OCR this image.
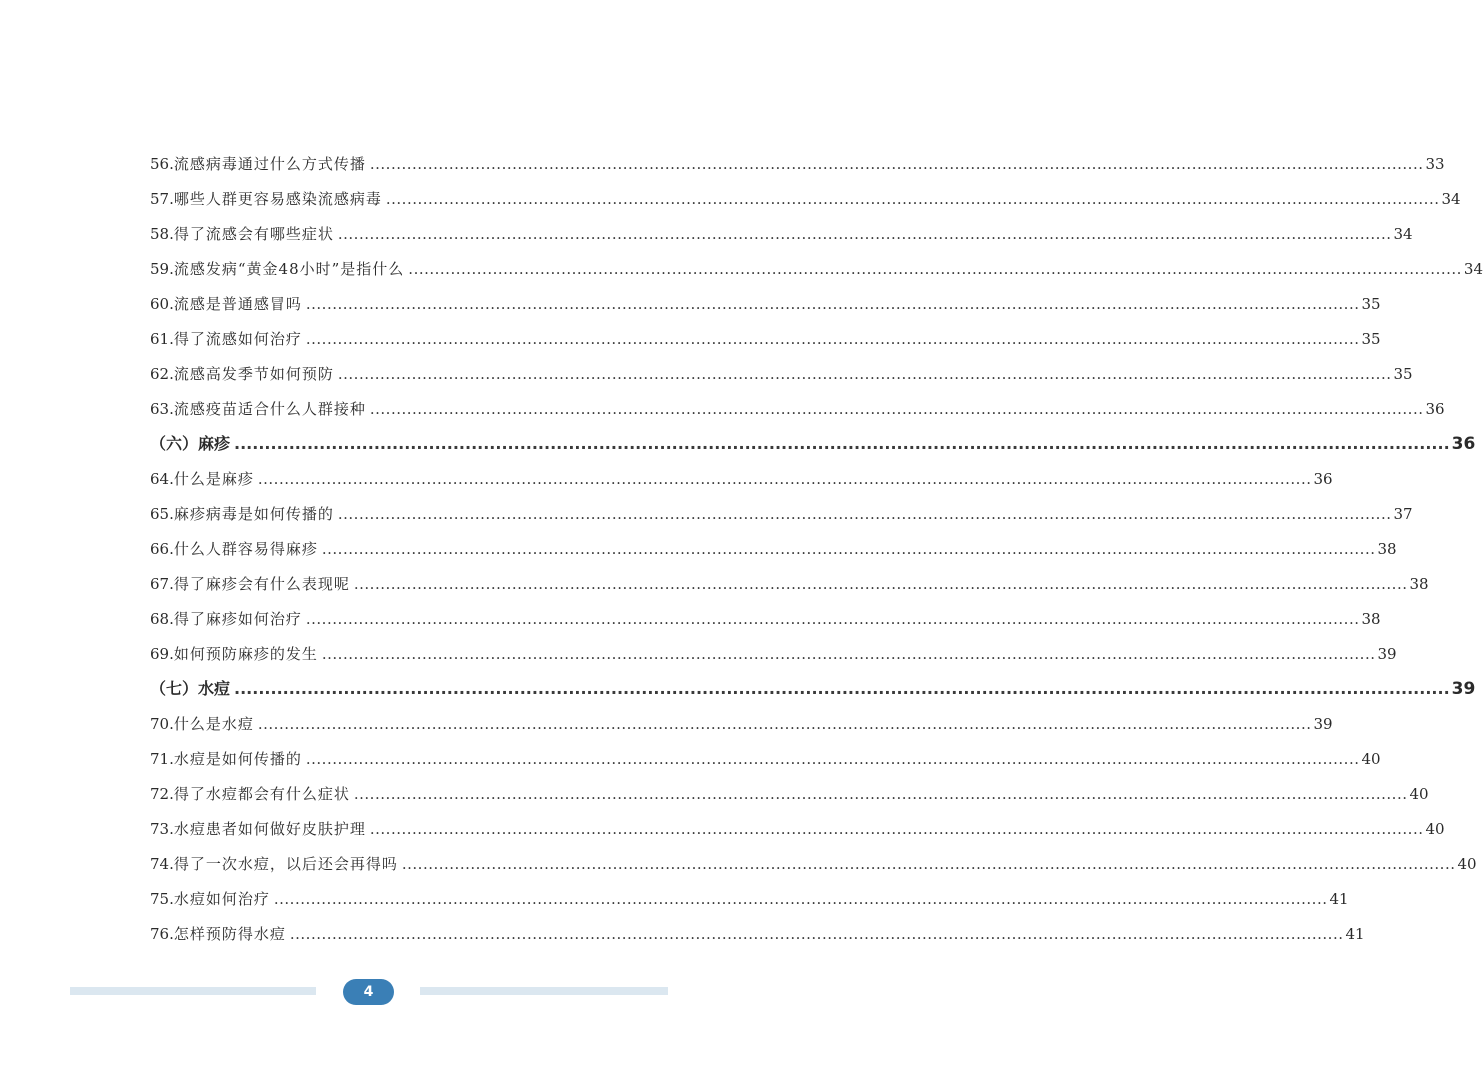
56. 流感病毒通过什么方式传播 ........................................................................................................................................................................................................ 33
57. 哪些人群更容易感染流感病毒 ........................................................................................................................................................................................................ 34
58. 得了流感会有哪些症状 ........................................................................................................................................................................................................ 34
59. 流感发病“黄金48小时”是指什么 ........................................................................................................................................................................................................ 34
60. 流感是普通感冒吗 ........................................................................................................................................................................................................ 35
61. 得了流感如何治疗 ........................................................................................................................................................................................................ 35
62. 流感高发季节如何预防 ........................................................................................................................................................................................................ 35
63. 流感疫苗适合什么人群接种 ........................................................................................................................................................................................................ 36
（六）麻疹 ........................................................................................................................................................................................................ 36
64. 什么是麻疹 ........................................................................................................................................................................................................ 36
65. 麻疹病毒是如何传播的 ........................................................................................................................................................................................................ 37
66. 什么人群容易得麻疹 ........................................................................................................................................................................................................ 38
67. 得了麻疹会有什么表现呢 ........................................................................................................................................................................................................ 38
68. 得了麻疹如何治疗 ........................................................................................................................................................................................................ 38
69. 如何预防麻疹的发生 ........................................................................................................................................................................................................ 39
（七）水痘 ........................................................................................................................................................................................................ 39
70. 什么是水痘 ........................................................................................................................................................................................................ 39
71. 水痘是如何传播的 ........................................................................................................................................................................................................ 40
72. 得了水痘都会有什么症状 ........................................................................................................................................................................................................ 40
73. 水痘患者如何做好皮肤护理 ........................................................................................................................................................................................................ 40
74. 得了一次水痘，以后还会再得吗 ........................................................................................................................................................................................................ 40
75. 水痘如何治疗 ........................................................................................................................................................................................................ 41
76. 怎样预防得水痘 ........................................................................................................................................................................................................ 41
4
